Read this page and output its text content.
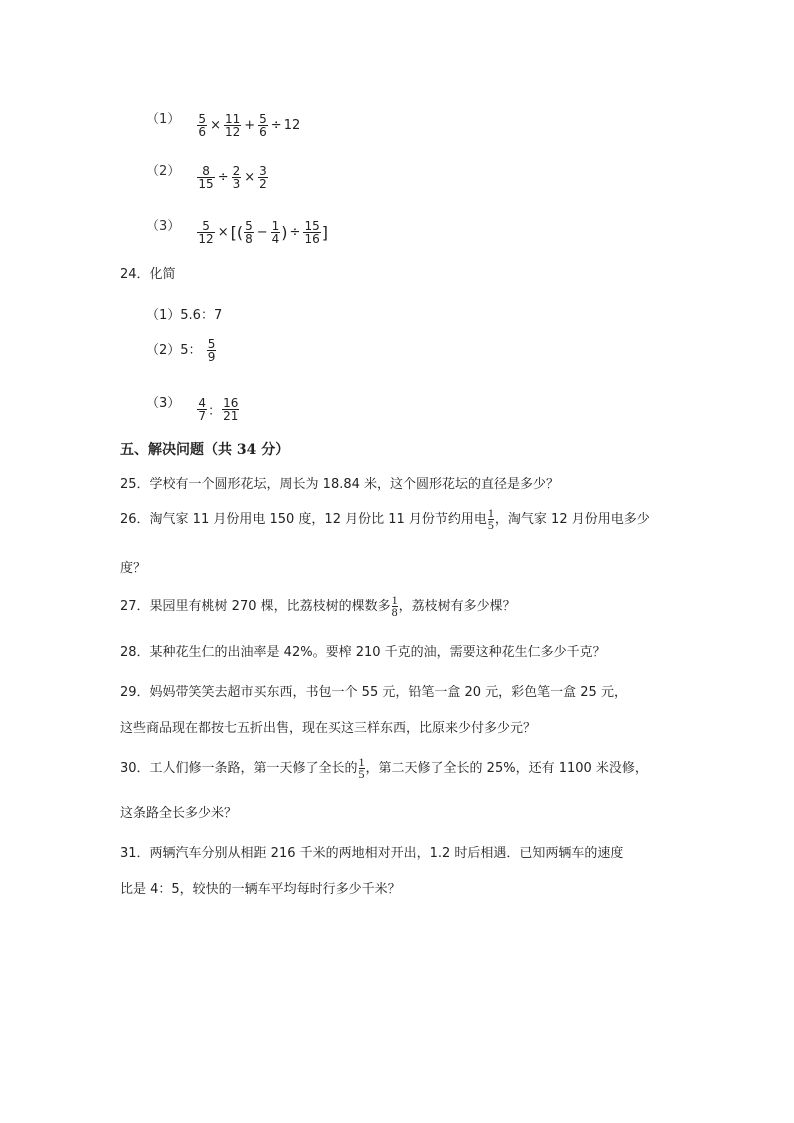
$(1) \frac{5}{6} \times \frac{11}{12} + \frac{5}{6} \div 12$
$(2) \frac{8}{15} \div \frac{2}{3} \times \frac{3}{2}$
$(3) \frac{5}{12}$ × [( $\frac{5}{8} - \frac{1}{4}$ ) ÷ $\frac{15}{16}$ ]
24．化简
（1）5.6：7
（2）5： $\frac{5}{9}$
$(3) \frac{4}{7}$ ： $\frac{16}{21}$
五、解决问题（共 34 分）
25．学校有一个圆形花坛，周长为 18.84 米，这个圆形花坛的直径是多少？
26．淘气家 11 月份用电 150 度，12 月份比 11 月份节约用电 $\frac{1}{5}$ ，淘气家 12 月份用电多少
度？
27．果园里有桃树 270 棵，比荔枝树的棵数多 $\frac{1}{8}$ ，荔枝树有多少棵？
28．某种花生仁的出油率是 42%。要榨 210 千克的油，需要这种花生仁多少千克？
29．妈妈带笑笑去超市买东西，书包一个 55 元，铅笔一盒 20 元，彩色笔一盒 25 元，
这些商品现在都按七五折出售，现在买这三样东西，比原来少付多少元？
30．工人们修一条路，第一天修了全长的 $\frac{1}{5}$ ，第二天修了全长的 25%，还有 1100 米没修，
这条路全长多少米？
31．两辆汽车分别从相距 216 千米的两地相对开出，1.2 时后相遇．已知两辆车的速度
比是 4：5，较快的一辆车平均每时行多少千米？
